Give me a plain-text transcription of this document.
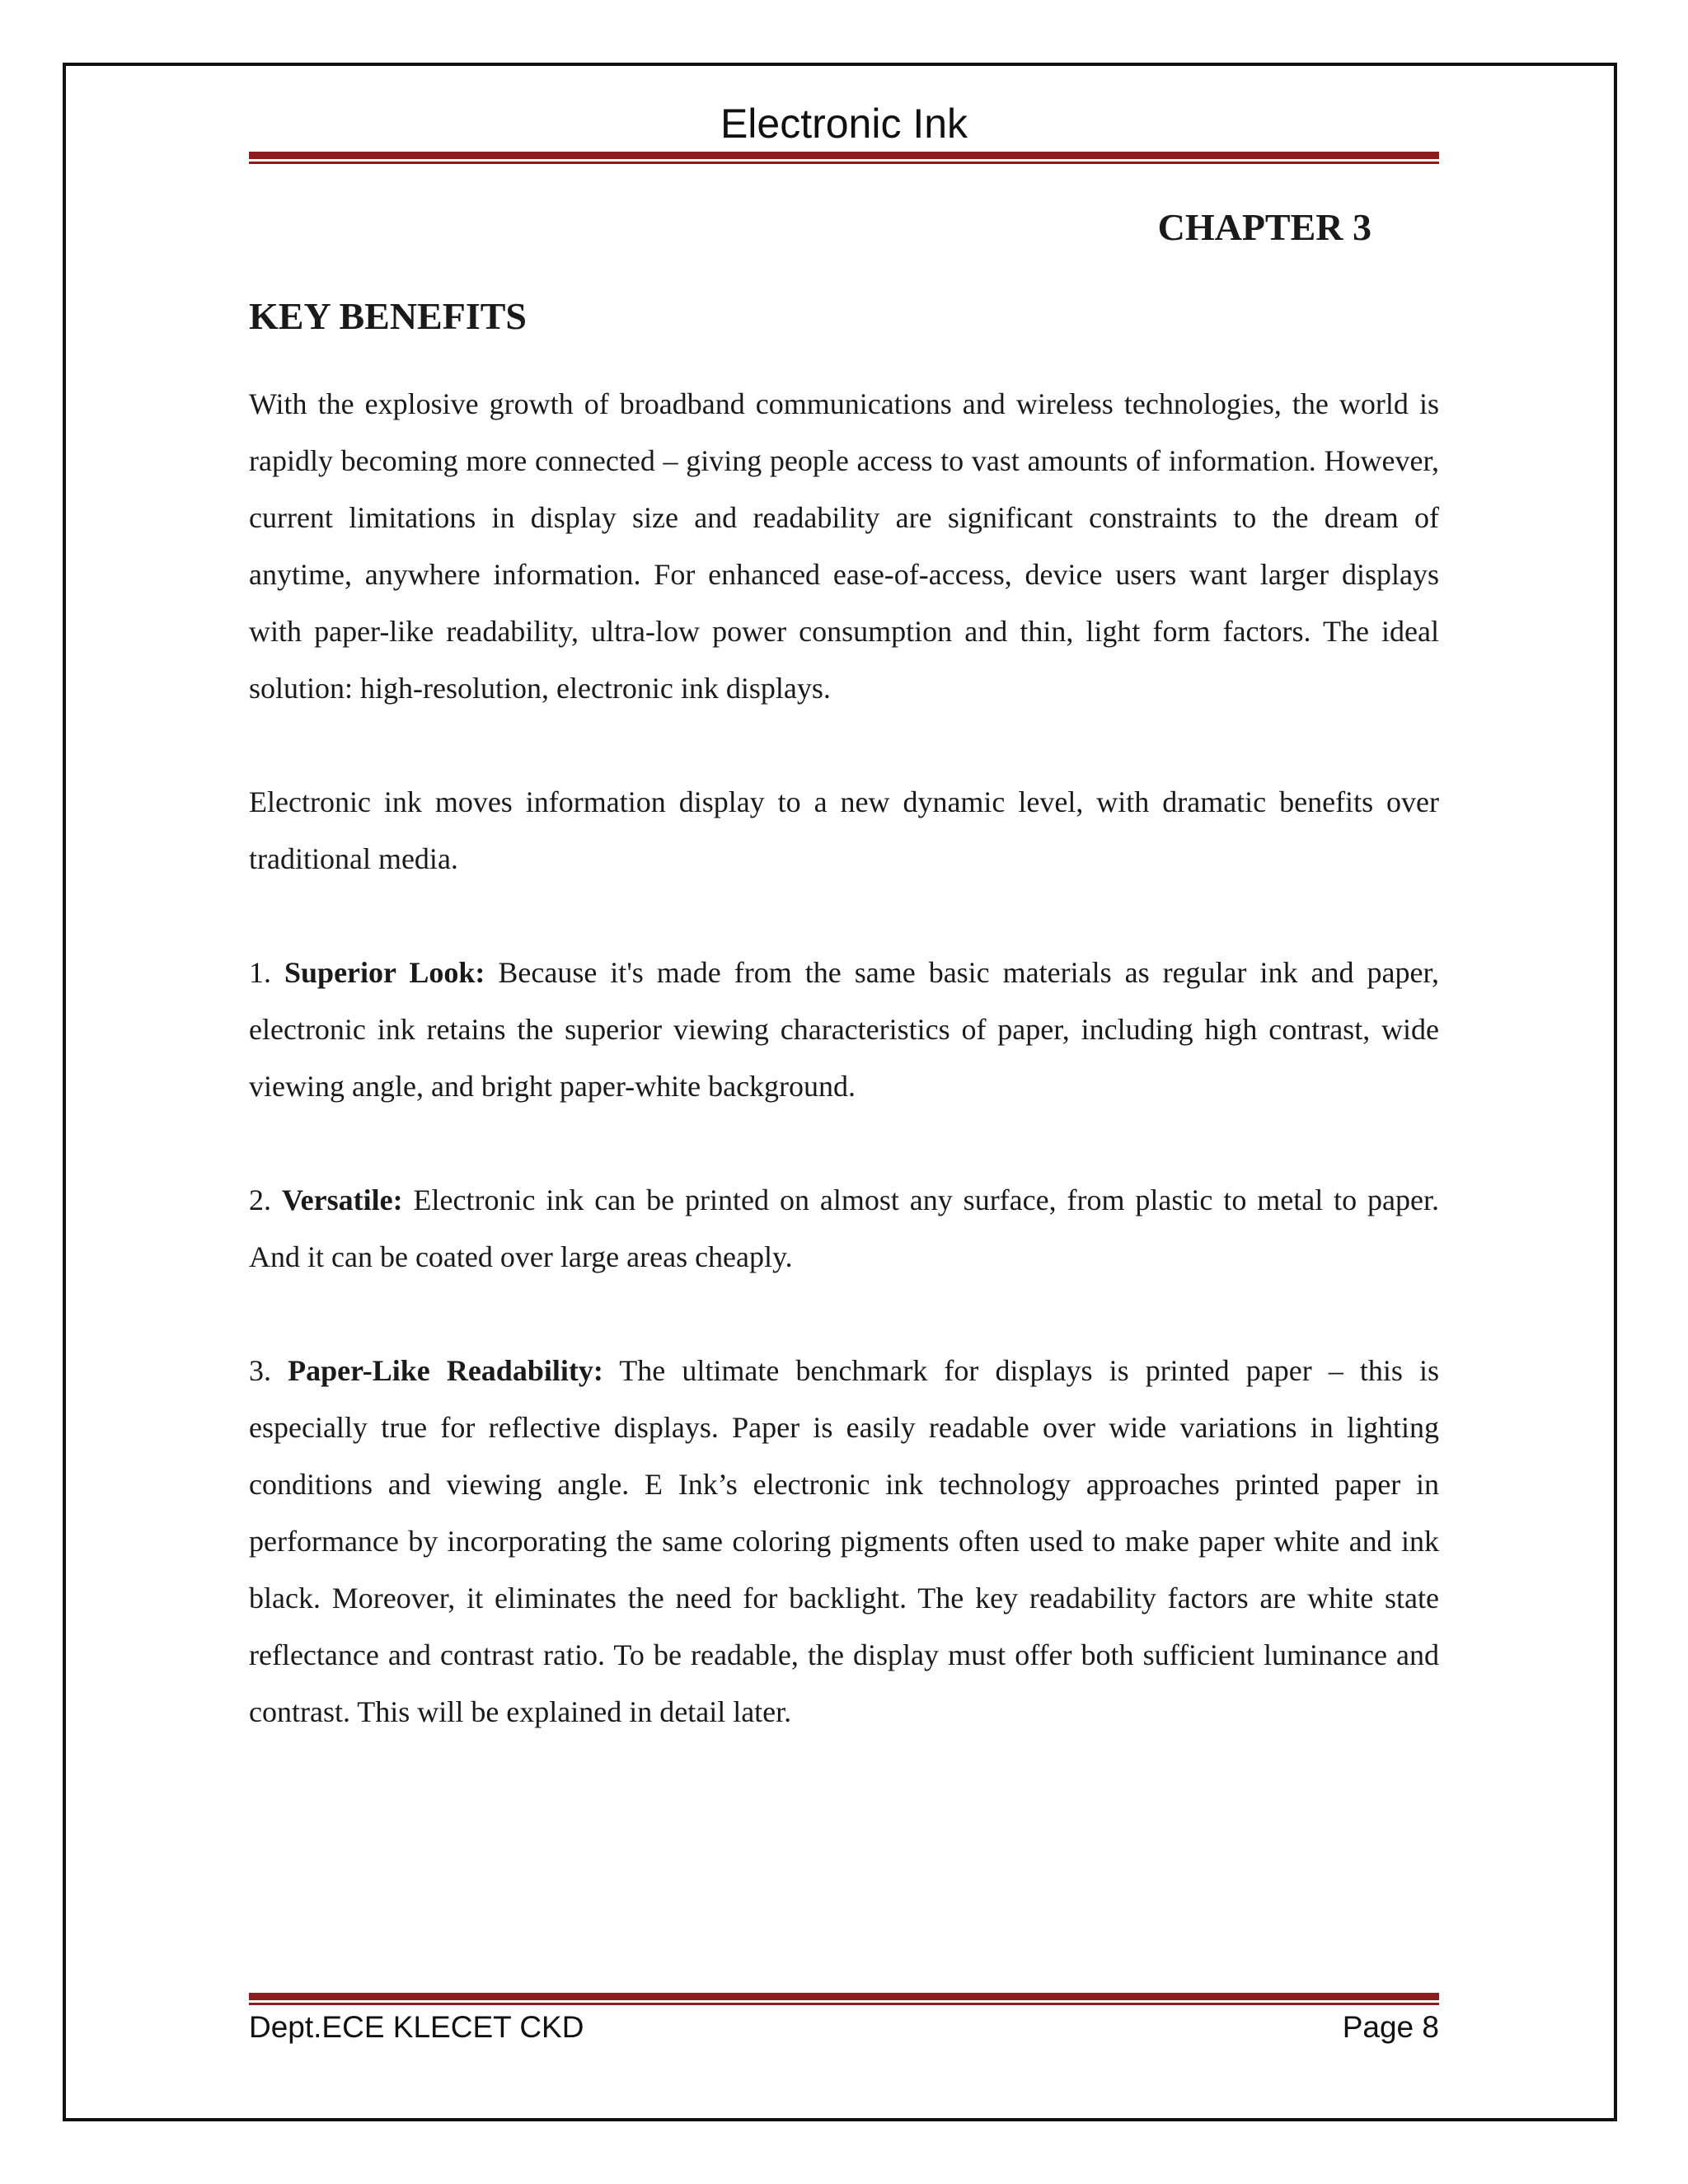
Electronic Ink
CHAPTER 3
KEY BENEFITS

With the explosive growth of broadband communications and wireless technologies, the world is rapidly becoming more connected – giving people access to vast amounts of information. However, current limitations in display size and readability are significant constraints to the dream of anytime, anywhere information. For enhanced ease-of-access, device users want larger displays with paper-like readability, ultra-low power consumption and thin, light form factors. The ideal solution: high-resolution, electronic ink displays.

Electronic ink moves information display to a new dynamic level, with dramatic benefits over traditional media.

1. Superior Look: Because it's made from the same basic materials as regular ink and paper, electronic ink retains the superior viewing characteristics of paper, including high contrast, wide viewing angle, and bright paper-white background.

2. Versatile: Electronic ink can be printed on almost any surface, from plastic to metal to paper. And it can be coated over large areas cheaply.

3. Paper-Like Readability: The ultimate benchmark for displays is printed paper – this is especially true for reflective displays. Paper is easily readable over wide variations in lighting conditions and viewing angle. E Ink’s electronic ink technology approaches printed paper in performance by incorporating the same coloring pigments often used to make paper white and ink black. Moreover, it eliminates the need for backlight. The key readability factors are white state reflectance and contrast ratio. To be readable, the display must offer both sufficient luminance and contrast. This will be explained in detail later.

Dept.ECE KLECET CKD	Page 8
